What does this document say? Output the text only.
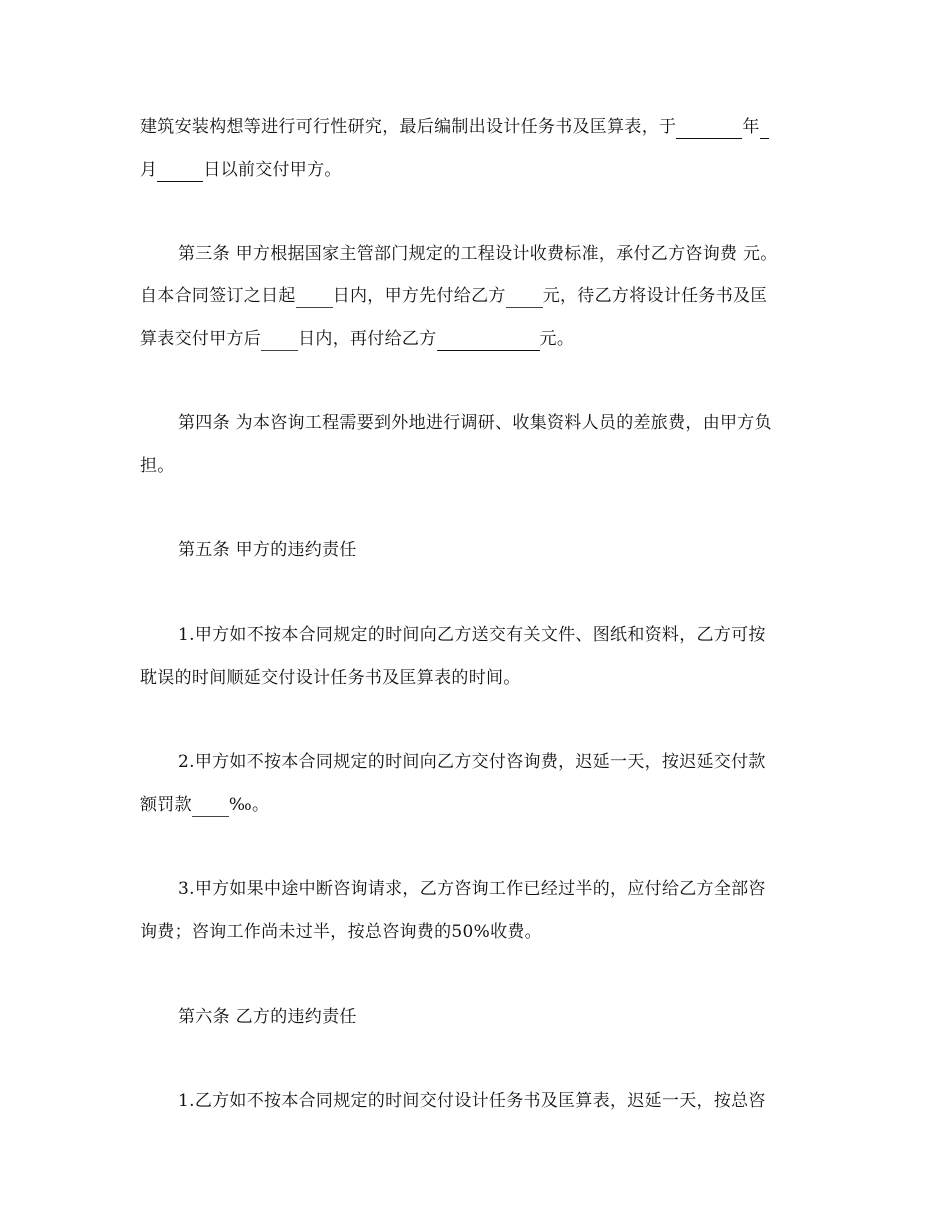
建筑安装构想等进行可行性研究，最后编制出设计任务书及匡算表，于	年
月	日以前交付甲方。
第三条 甲方根据国家主管部门规定的工程设计收费标准，承付乙方咨询费 元。
自本合同签订之日起 日内，甲方先付给乙方 元，待乙方将设计任务书及匡
算表交付甲方后 日内，再付给乙方	元。
第四条 为本咨询工程需要到外地进行调研、收集资料人员的差旅费，由甲方负
担。
第五条 甲方的违约责任
1.甲方如不按本合同规定的时间向乙方送交有关文件、图纸和资料，乙方可按
耽误的时间顺延交付设计任务书及匡算表的时间。
2.甲方如不按本合同规定的时间向乙方交付咨询费，迟延一天，按迟延交付款
额罚款 ‰。
3.甲方如果中途中断咨询请求，乙方咨询工作已经过半的，应付给乙方全部咨
询费；咨询工作尚未过半，按总咨询费的50%收费。
第六条 乙方的违约责任
1.乙方如不按本合同规定的时间交付设计任务书及匡算表，迟延一天，按总咨
